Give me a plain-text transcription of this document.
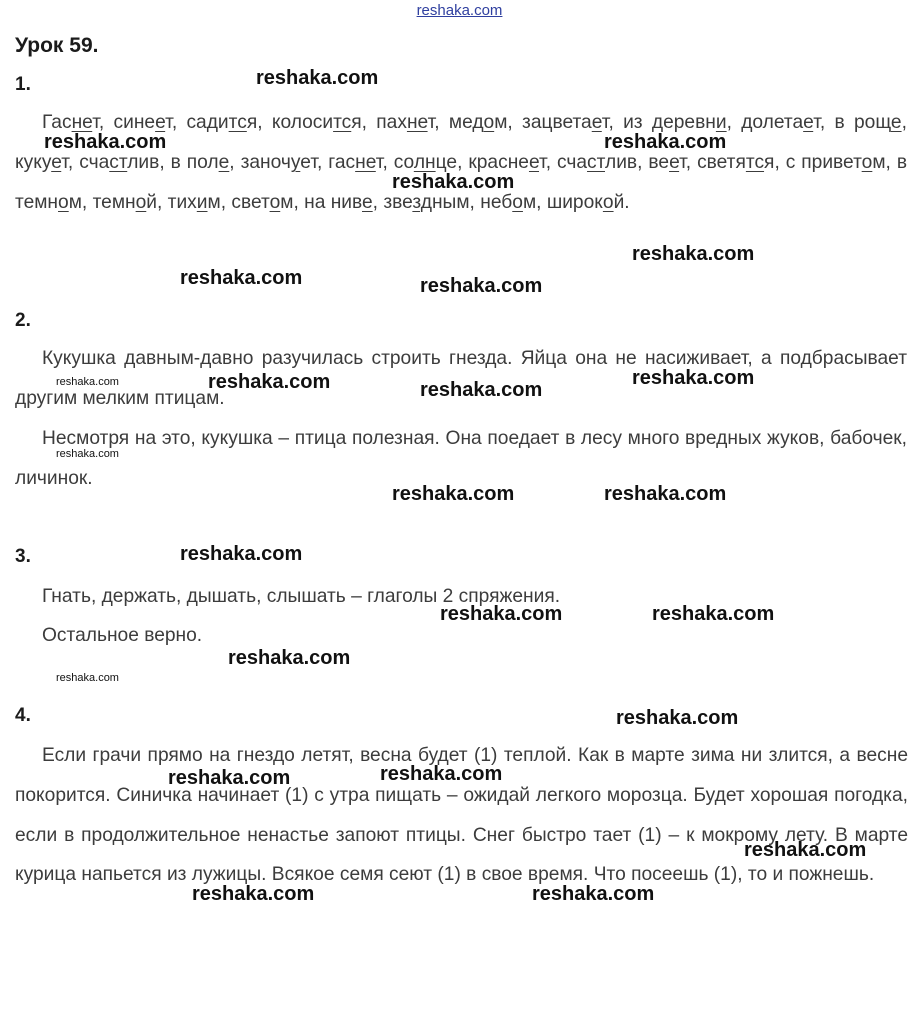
reshaka.com
Урок 59.

1.

Гаснет, синеет, садится, колосится, пахнет, медом, зацветает, из деревни, долетает, в роще, кукует, счастлив, в поле, заночует, гаснет, солнце, краснеет, счастлив, веет, светятся, с приветом, в темном, темной, тихим, светом, на ниве, звездным, небом, широкой.

2.

Кукушка давным-давно разучилась строить гнезда. Яйца она не насиживает, а подбрасывает другим мелким птицам.

Несмотря на это, кукушка – птица полезная. Она поедает в лесу много вредных жуков, бабочек, личинок.

3.

Гнать, держать, дышать, слышать – глаголы 2 спряжения.

Остальное верно.

4.

Если грачи прямо на гнездо летят, весна будет (1) теплой. Как в марте зима ни злится, а весне покорится. Синичка начинает (1) с утра пищать – ожидай легкого морозца. Будет хорошая погодка, если в продолжительное ненастье запоют птицы. Снег быстро тает (1) – к мокрому лету. В марте курица напьется из лужицы. Всякое семя сеют (1) в свое время. Что посеешь (1), то и пожнешь.

reshaka.com
reshaka.com	reshaka.com
reshaka.com
reshaka.com
reshaka.com	reshaka.com
reshaka.com	reshaka.com
reshaka.com
reshaka.com	reshaka.com
reshaka.com
reshaka.com	reshaka.com
reshaka.com
reshaka.com
reshaka.com	reshaka.com
reshaka.com
reshaka.com	reshaka.com
reshaka.com
reshaka.com
reshaka.com
